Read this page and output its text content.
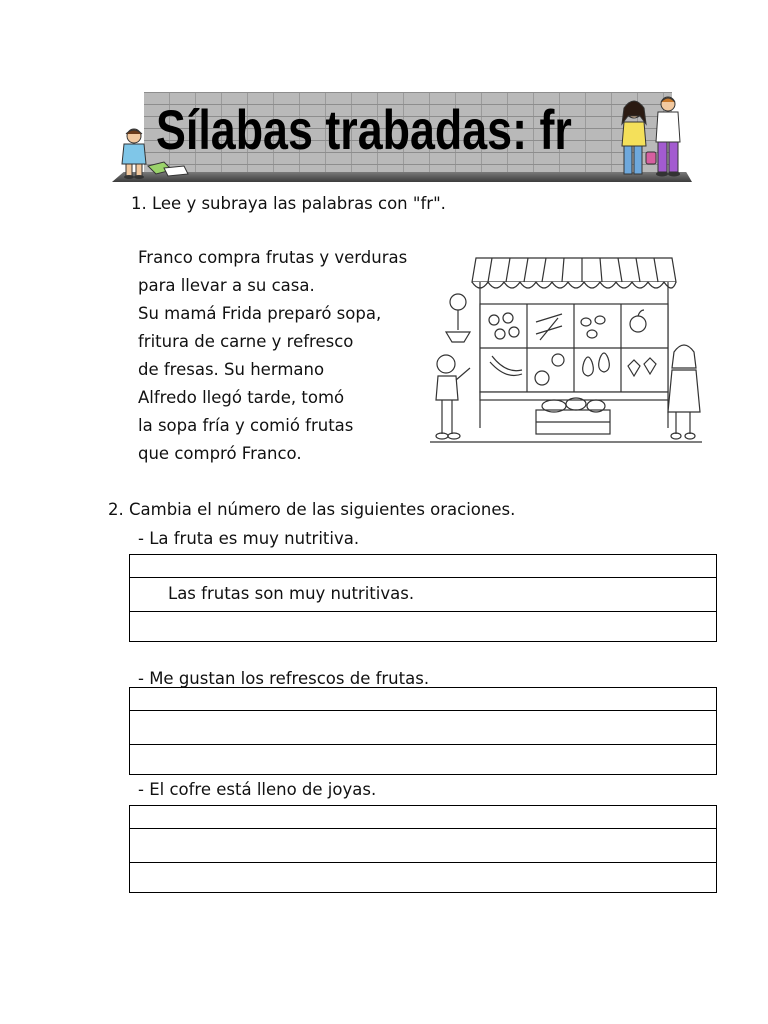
Sílabas trabadas: fr
1. Lee y subraya las palabras con "fr".

Franco compra frutas y verduras

para llevar a su casa.

Su mamá Frida preparó sopa,

fritura de carne y refresco

de fresas. Su hermano

Alfredo llegó tarde, tomó

la sopa fría y comió frutas

que compró Franco.

2. Cambia el número de las siguientes oraciones.
- La fruta es muy nutritiva.
Las frutas son muy nutritivas.
- Me gustan los refrescos de frutas.
- El cofre está lleno de joyas.
